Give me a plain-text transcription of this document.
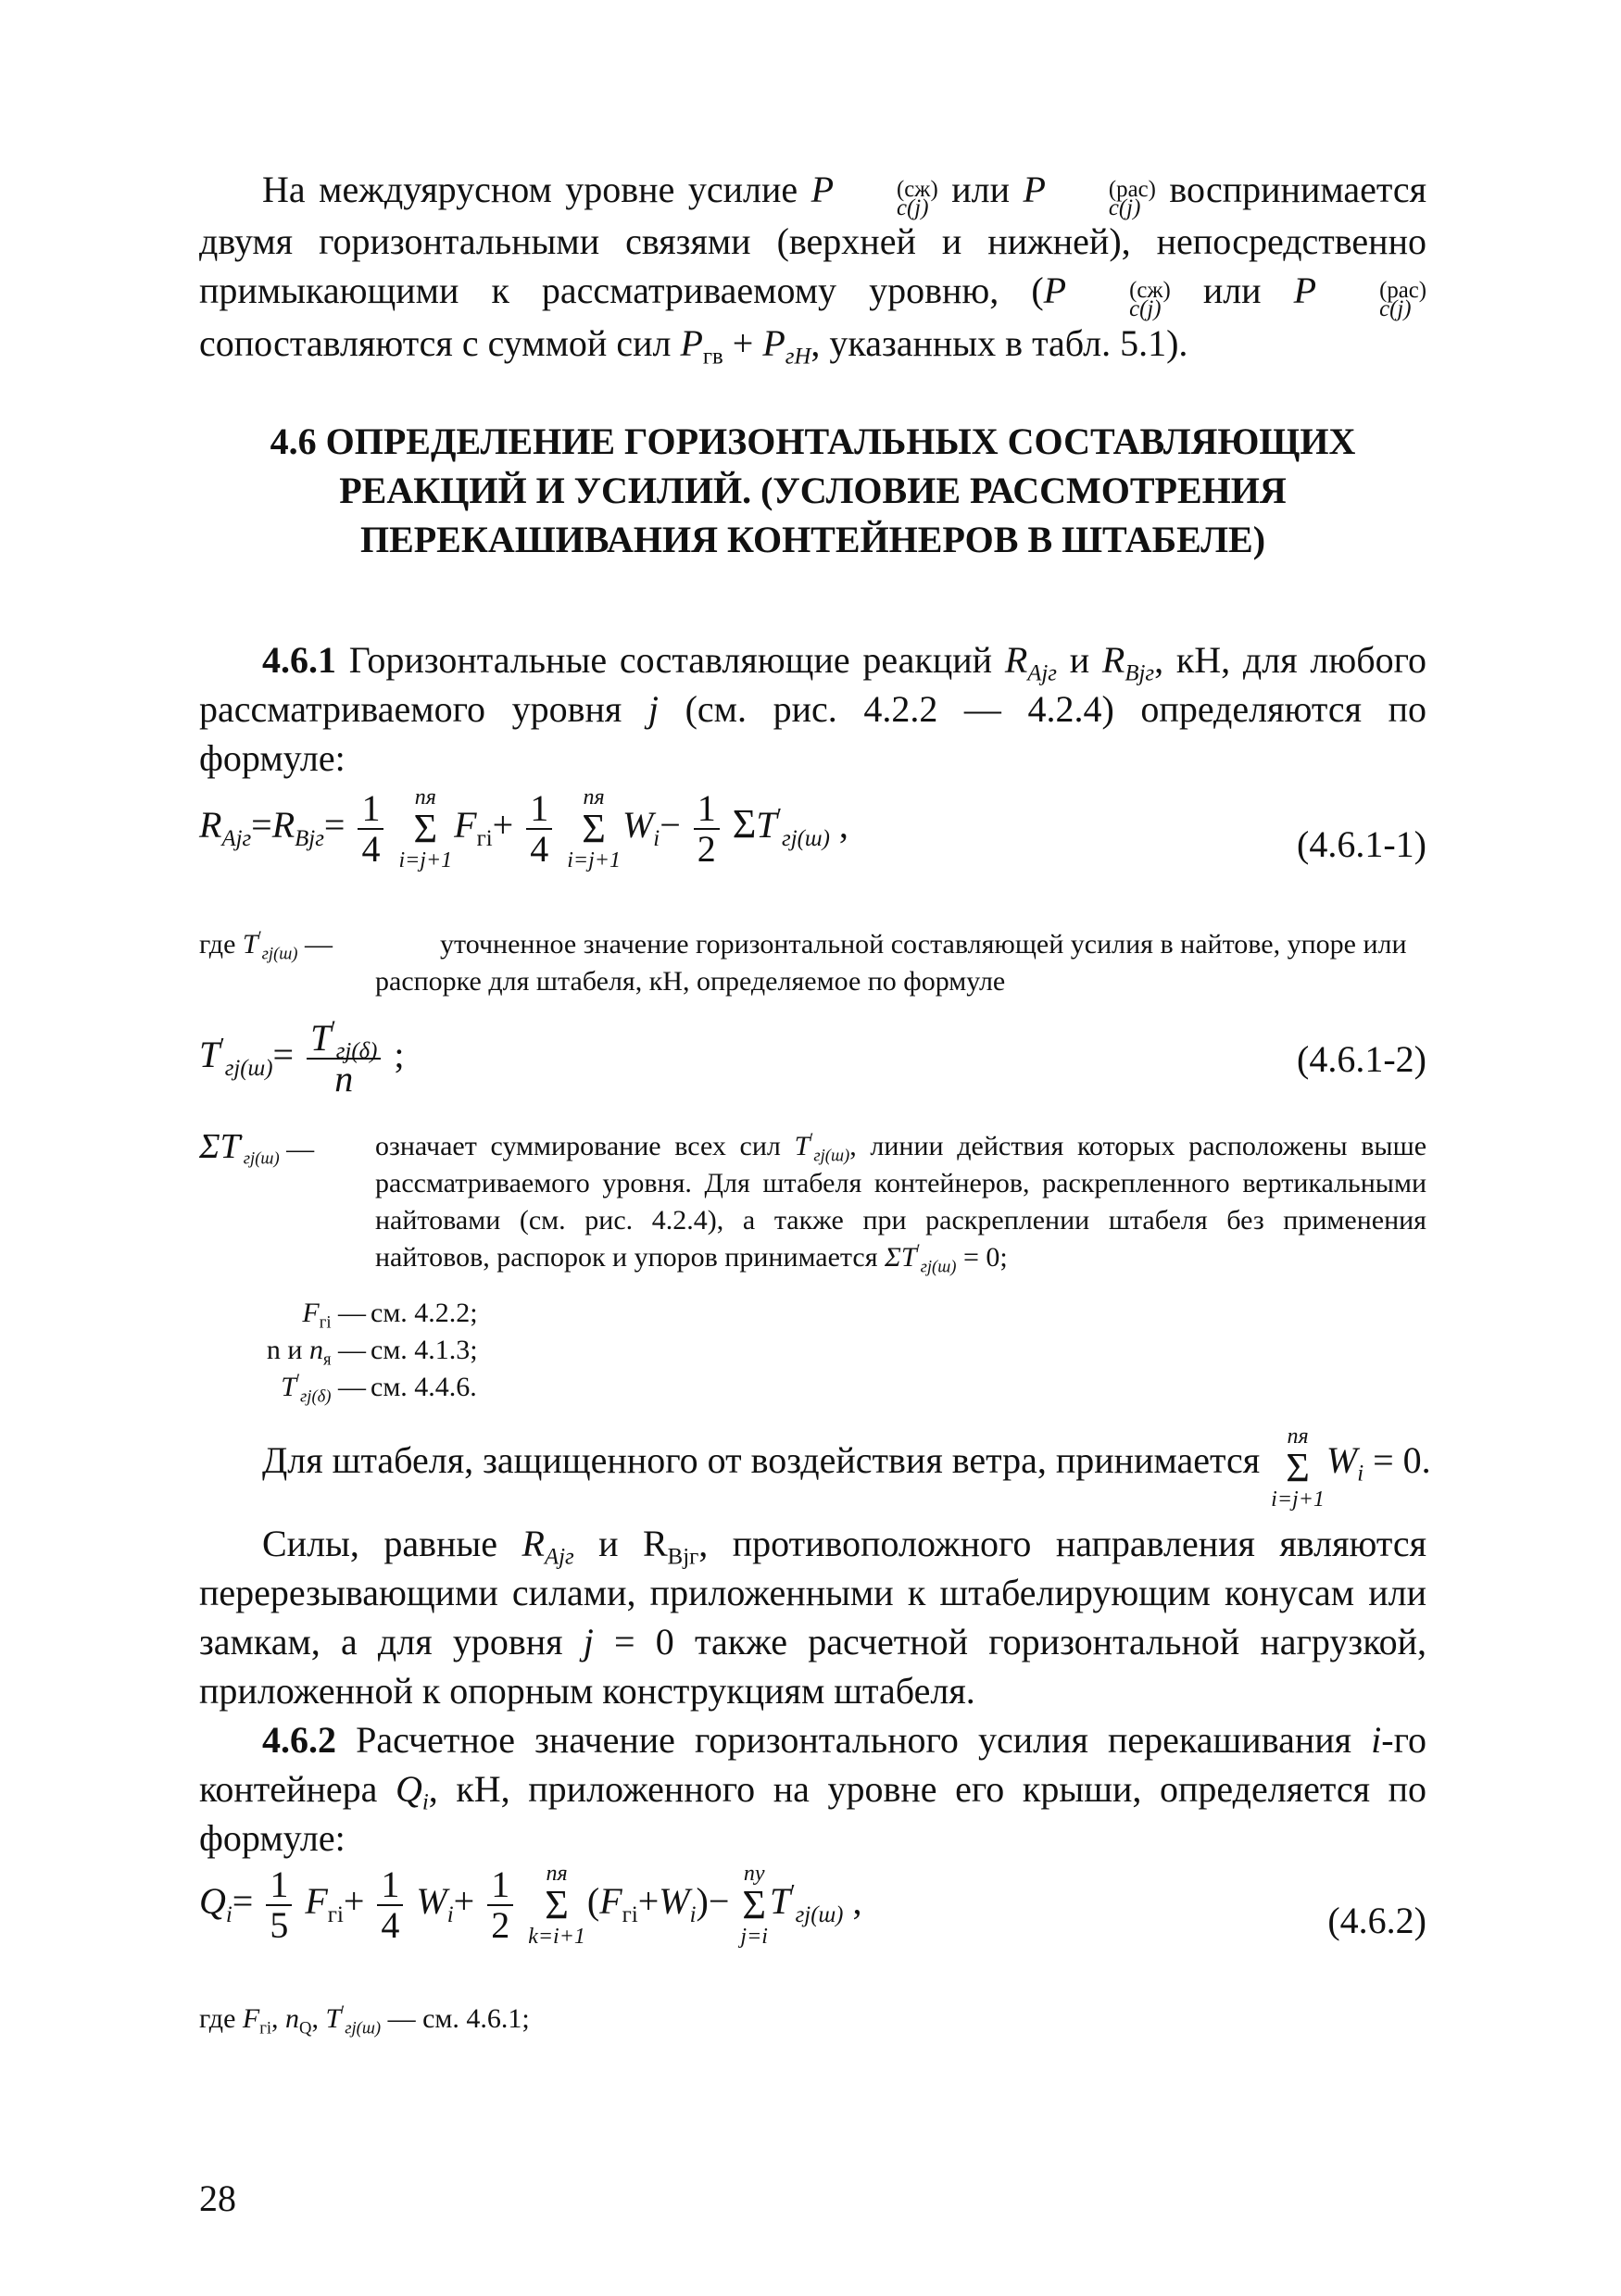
На междуярусном уровне усилие P	(сж)
c(j) или P	(рас)
c(j) воспринимается двумя горизонтальными связями (верхней и нижней), непосредственно примыкающими к рассматриваемому уровню, (P	(сж)
c(j) или P	(рас)
c(j)
сопоставляются с суммой сил $P_{гв} + P_{гH}$, указанных в табл. 5.1).

4.6 ОПРЕДЕЛЕНИЕ ГОРИЗОНТАЛЬНЫХ СОСТАВЛЯЮЩИХ

РЕАКЦИЙ И УСИЛИЙ. (УСЛОВИЕ РАССМОТРЕНИЯ

ПЕРЕКАШИВАНИЯ КОНТЕЙНЕРОВ В ШТАБЕЛЕ)

4.6.1 Горизонтальные составляющие реакций $R_{Ajг}$ и $R_{Bjг}$, кН, для любого рассматриваемого уровня j (см. рис. 4.2.2 — 4.2.4) определяются по формуле:

$R_{Ajг}=R_{Bjг}= \frac{1}{4}$
	nя
Σ
i=j+1
$F_{гi}+ \frac{1}{4}$
	nя
Σ
i=j+1
$W_i- \frac{1}{2} \Sigma T'_{гj(ш)}$ ,	(4.6.1-1)
где $T'_{гj(ш)}$ —	уточненное значение горизонтальной составляющей усилия в найтове, упоре или распорке для штабеля, кН, определяемое по формуле
$T'_{гj(ш)}= \frac{T'_{гj(\delta)}}{n}$ ;	(4.6.1-2)
$\Sigma T'_{гj(ш)}$ — означает суммирование всех сил $T'_{гj(ш)}$, линии действия которых расположены выше рассматриваемого уровня. Для штабеля контейнеров, раскрепленного вертикальными найтовами (см. рис. 4.2.4), а также при раскреплении штабеля без применения найтовов, распорок и упоров принимается $\Sigma T'_{гj(ш)} = 0$;
$F_{гi}$ — см. 4.2.2;
n и $n_я$ — см. 4.1.3;
$T'_{гj(\delta)}$ — см. 4.4.6.
Для штабеля, защищенного от воздействия ветра, принимается
nя
Σ
i=j+1
$W_i = 0$.

Силы, равные $R_{Ajг}$ и $R_{Bjг}$, противоположного направления являются перерезывающими силами, приложенными к штабелирующим конусам или замкам, а для уровня j = 0 также расчетной горизонтальной нагрузкой, приложенной к опорным конструкциям штабеля.

4.6.2 Расчетное значение горизонтального усилия перекашивания i-го контейнера $Q_i$, кН, приложенного на уровне его крыши, определяется по формуле:

$Q_i= \frac{1}{5} F_{гi}+ \frac{1}{4} W_i+ \frac{1}{2}$
	nя
Σ
k=i+1
$(F_{гi}+W_i)-$
ny
Σ
j=i
$T'_{гj(ш)}$ ,	(4.6.2)
где $F_{гi}$, $n_Q$, $T'_{гj(ш)}$ — см. 4.6.1;
28
